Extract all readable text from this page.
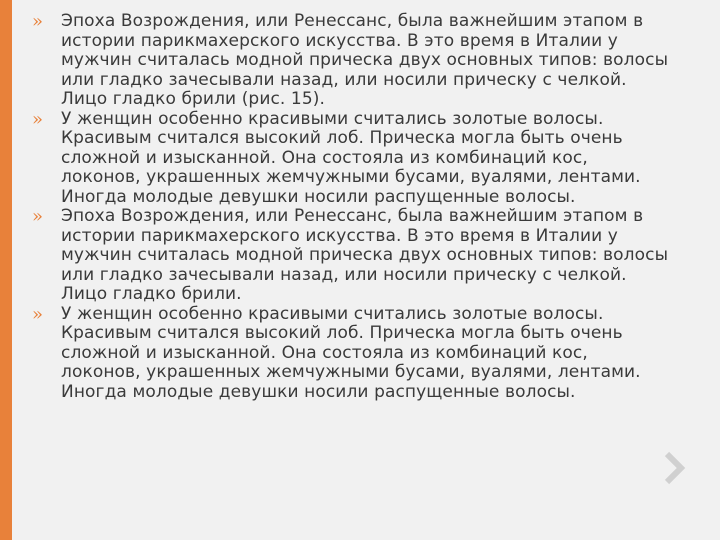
» Эпоха Возрождения, или Ренессанс, была важнейшим этапом в истории парикмахерского искусства. В это время в Италии у мужчин считалась модной прическа двух основных типов: волосы или гладко зачесывали назад, или носили прическу с челкой. Лицо гладко брили (рис. 15).
» У женщин особенно красивыми считались золотые волосы. Красивым считался высокий лоб. Прическа могла быть очень сложной и изысканной. Она состояла из комбинаций кос, локонов, украшенных жемчужными бусами, вуалями, лентами. Иногда молодые девушки носили распущенные волосы.
» Эпоха Возрождения, или Ренессанс, была важнейшим этапом в истории парикмахерского искусства. В это время в Италии у мужчин считалась модной прическа двух основных типов: волосы или гладко зачесывали назад, или носили прическу с челкой. Лицо гладко брили.
» У женщин особенно красивыми считались золотые волосы. Красивым считался высокий лоб. Прическа могла быть очень сложной и изысканной. Она состояла из комбинаций кос, локонов, украшенных жемчужными бусами, вуалями, лентами. Иногда молодые девушки носили распущенные волосы.
